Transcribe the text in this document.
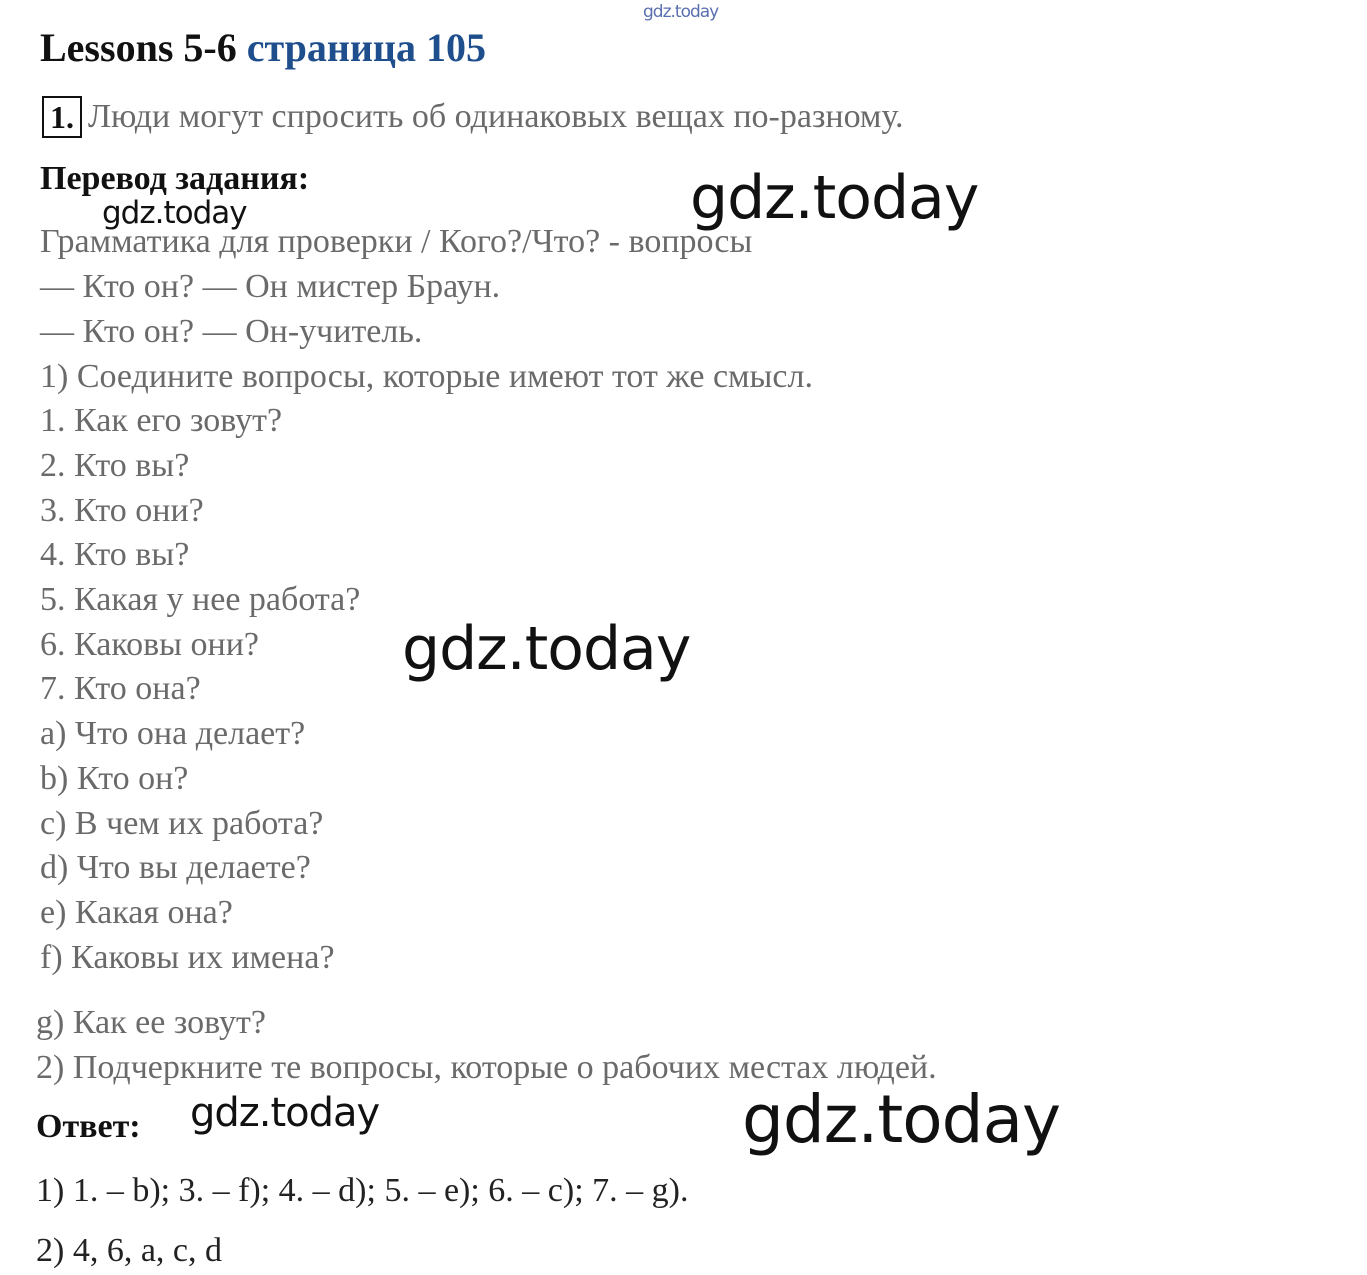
gdz.today
Lessons 5-6 страница 105
1. Люди могут спросить об одинаковых вещах по-разному.
Перевод задания:
gdz.today	gdz.today
Грамматика для проверки / Кого?/Что? - вопросы
— Кто он? — Он мистер Браун.
— Кто он? — Он-учитель.
1) Соедините вопросы, которые имеют тот же смысл.
1. Как его зовут?
2. Кто вы?
3. Кто они?
4. Кто вы?
5. Какая у нее работа?
6. Каковы они?
7. Кто она?
a) Что она делает?
b) Кто он?
c) В чем их работа?
d) Что вы делаете?
e) Какая она?
f) Каковы их имена?
g) Как ее зовут?
2) Подчеркните те вопросы, которые о рабочих местах людей.
gdz.today
Ответ: gdz.today	gdz.today
1) 1. – b); 3. – f); 4. – d); 5. – e); 6. – c); 7. – g).
2) 4, 6, a, c, d
